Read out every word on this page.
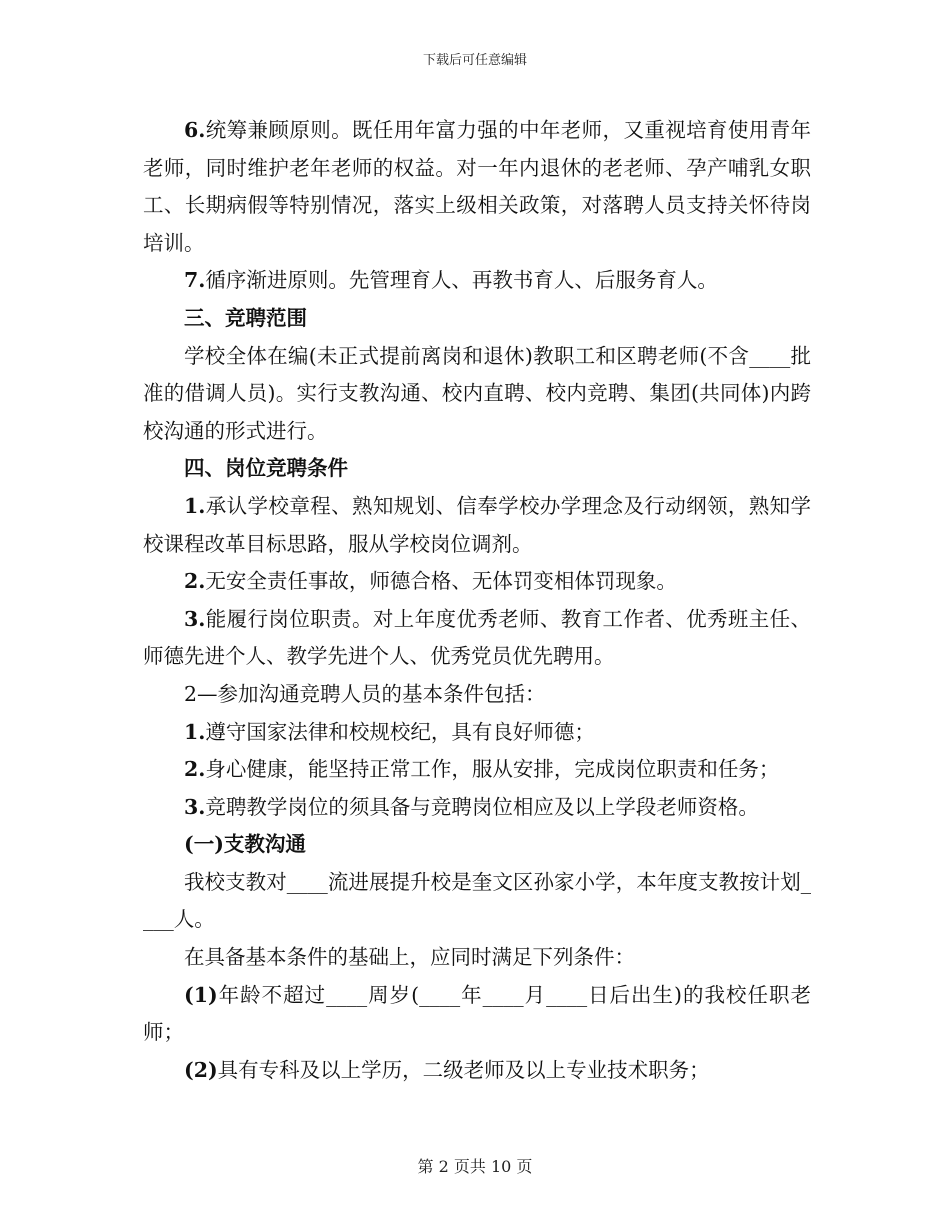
下载后可任意编辑

6.统筹兼顾原则。既任用年富力强的中年老师，又重视培育使用青年老师，同时维护老年老师的权益。对一年内退休的老老师、孕产哺乳女职工、长期病假等特别情况，落实上级相关政策，对落聘人员支持关怀待岗培训。

7.循序渐进原则。先管理育人、再教书育人、后服务育人。

三、竞聘范围

学校全体在编(未正式提前离岗和退休)教职工和区聘老师(不含____批准的借调人员)。实行支教沟通、校内直聘、校内竞聘、集团(共同体)内跨校沟通的形式进行。

四、岗位竞聘条件

1.承认学校章程、熟知规划、信奉学校办学理念及行动纲领，熟知学校课程改革目标思路，服从学校岗位调剂。

2.无安全责任事故，师德合格、无体罚变相体罚现象。

3.能履行岗位职责。对上年度优秀老师、教育工作者、优秀班主任、师德先进个人、教学先进个人、优秀党员优先聘用。

2—参加沟通竞聘人员的基本条件包括：

1.遵守国家法律和校规校纪，具有良好师德；

2.身心健康，能坚持正常工作，服从安排，完成岗位职责和任务；

3.竞聘教学岗位的须具备与竞聘岗位相应及以上学段老师资格。

(一)支教沟通

我校支教对____流进展提升校是奎文区孙家小学，本年度支教按计划____人。

在具备基本条件的基础上，应同时满足下列条件：

(1)年龄不超过____周岁(____年____月____日后出生)的我校任职老师；

(2)具有专科及以上学历，二级老师及以上专业技术职务；

第 2 页共 10 页
